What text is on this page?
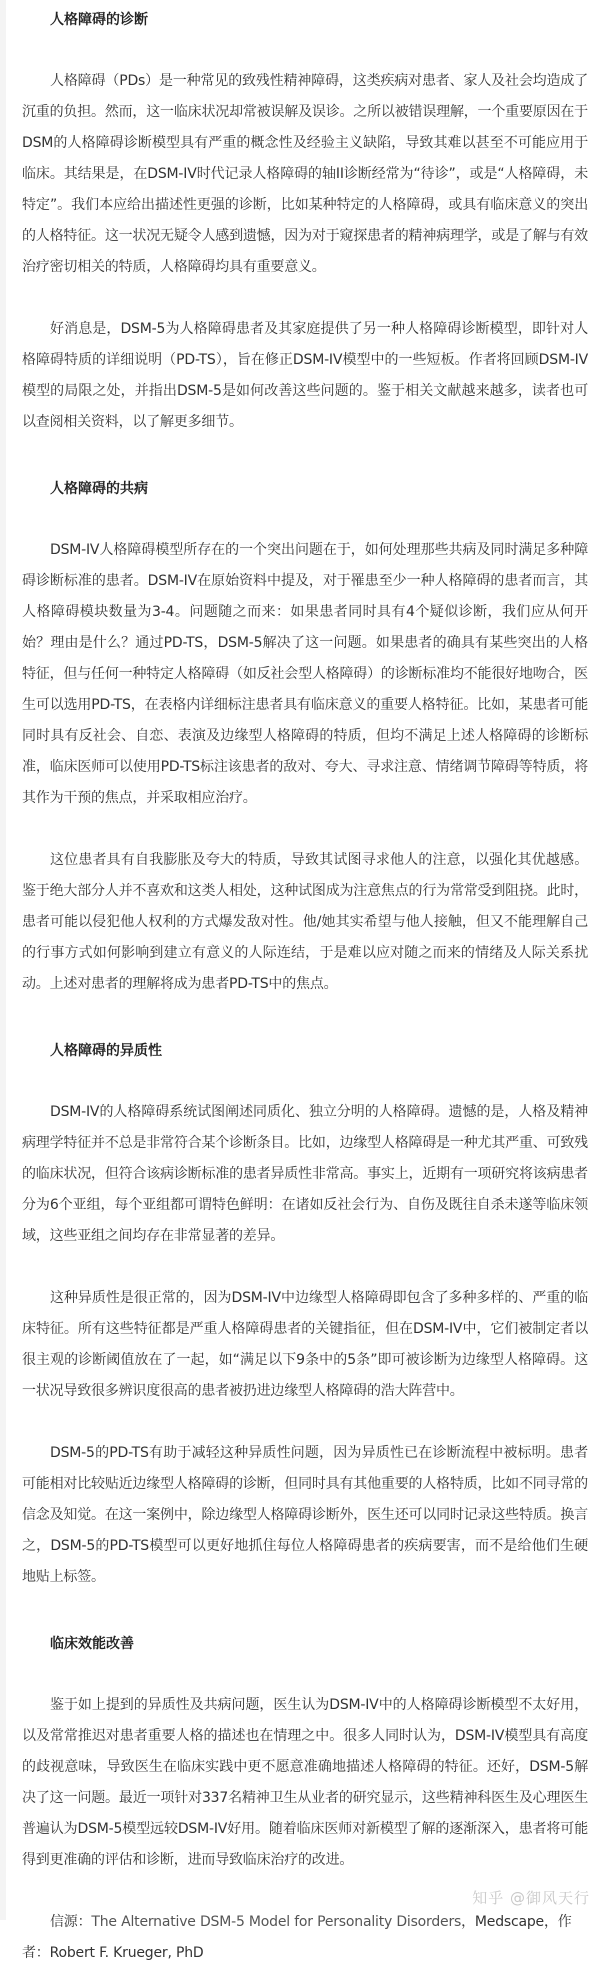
人格障碍的诊断

人格障碍（PDs）是一种常见的致残性精神障碍，这类疾病对患者、家人及社会均造成了沉重的负担。然而，这一临床状况却常被误解及误诊。之所以被错误理解，一个重要原因在于DSM的人格障碍诊断模型具有严重的概念性及经验主义缺陷，导致其难以甚至不可能应用于临床。其结果是，在DSM-IV时代记录人格障碍的轴II诊断经常为“待诊”，或是“人格障碍，未特定”。我们本应给出描述性更强的诊断，比如某种特定的人格障碍，或具有临床意义的突出的人格特征。这一状况无疑令人感到遗憾，因为对于窥探患者的精神病理学，或是了解与有效治疗密切相关的特质，人格障碍均具有重要意义。

好消息是，DSM-5为人格障碍患者及其家庭提供了另一种人格障碍诊断模型，即针对人格障碍特质的详细说明（PD-TS），旨在修正DSM-IV模型中的一些短板。作者将回顾DSM-IV模型的局限之处，并指出DSM-5是如何改善这些问题的。鉴于相关文献越来越多，读者也可以查阅相关资料，以了解更多细节。

人格障碍的共病

DSM-IV人格障碍模型所存在的一个突出问题在于，如何处理那些共病及同时满足多种障碍诊断标准的患者。DSM-IV在原始资料中提及，对于罹患至少一种人格障碍的患者而言，其人格障碍模块数量为3-4。问题随之而来：如果患者同时具有4个疑似诊断，我们应从何开始？理由是什么？通过PD-TS，DSM-5解决了这一问题。如果患者的确具有某些突出的人格特征，但与任何一种特定人格障碍（如反社会型人格障碍）的诊断标准均不能很好地吻合，医生可以选用PD-TS，在表格内详细标注患者具有临床意义的重要人格特征。比如，某患者可能同时具有反社会、自恋、表演及边缘型人格障碍的特质，但均不满足上述人格障碍的诊断标准，临床医师可以使用PD-TS标注该患者的敌对、夸大、寻求注意、情绪调节障碍等特质，将其作为干预的焦点，并采取相应治疗。

这位患者具有自我膨胀及夸大的特质，导致其试图寻求他人的注意，以强化其优越感。鉴于绝大部分人并不喜欢和这类人相处，这种试图成为注意焦点的行为常常受到阻挠。此时，患者可能以侵犯他人权利的方式爆发敌对性。他/她其实希望与他人接触，但又不能理解自己的行事方式如何影响到建立有意义的人际连结，于是难以应对随之而来的情绪及人际关系扰动。上述对患者的理解将成为患者PD-TS中的焦点。

人格障碍的异质性

DSM-IV的人格障碍系统试图阐述同质化、独立分明的人格障碍。遗憾的是，人格及精神病理学特征并不总是非常符合某个诊断条目。比如，边缘型人格障碍是一种尤其严重、可致残的临床状况，但符合该病诊断标准的患者异质性非常高。事实上，近期有一项研究将该病患者分为6个亚组，每个亚组都可谓特色鲜明：在诸如反社会行为、自伤及既往自杀未遂等临床领域，这些亚组之间均存在非常显著的差异。

这种异质性是很正常的，因为DSM-IV中边缘型人格障碍即包含了多种多样的、严重的临床特征。所有这些特征都是严重人格障碍患者的关键指征，但在DSM-IV中，它们被制定者以很主观的诊断阈值放在了一起，如“满足以下9条中的5条”即可被诊断为边缘型人格障碍。这一状况导致很多辨识度很高的患者被扔进边缘型人格障碍的浩大阵营中。

DSM-5的PD-TS有助于减轻这种异质性问题，因为异质性已在诊断流程中被标明。患者可能相对比较贴近边缘型人格障碍的诊断，但同时具有其他重要的人格特质，比如不同寻常的信念及知觉。在这一案例中，除边缘型人格障碍诊断外，医生还可以同时记录这些特质。换言之，DSM-5的PD-TS模型可以更好地抓住每位人格障碍患者的疾病要害，而不是给他们生硬地贴上标签。

临床效能改善

鉴于如上提到的异质性及共病问题，医生认为DSM-IV中的人格障碍诊断模型不太好用，以及常常推迟对患者重要人格的描述也在情理之中。很多人同时认为，DSM-IV模型具有高度的歧视意味，导致医生在临床实践中更不愿意准确地描述人格障碍的特征。还好，DSM-5解决了这一问题。最近一项针对337名精神卫生从业者的研究显示，这些精神科医生及心理医生普遍认为DSM-5模型远较DSM-IV好用。随着临床医师对新模型了解的逐渐深入，患者将可能得到更准确的评估和诊断，进而导致临床治疗的改进。

信源：The Alternative DSM-5 Model for Personality Disorders，Medscape，作者：Robert F. Krueger, PhD

知乎 @御风天行
